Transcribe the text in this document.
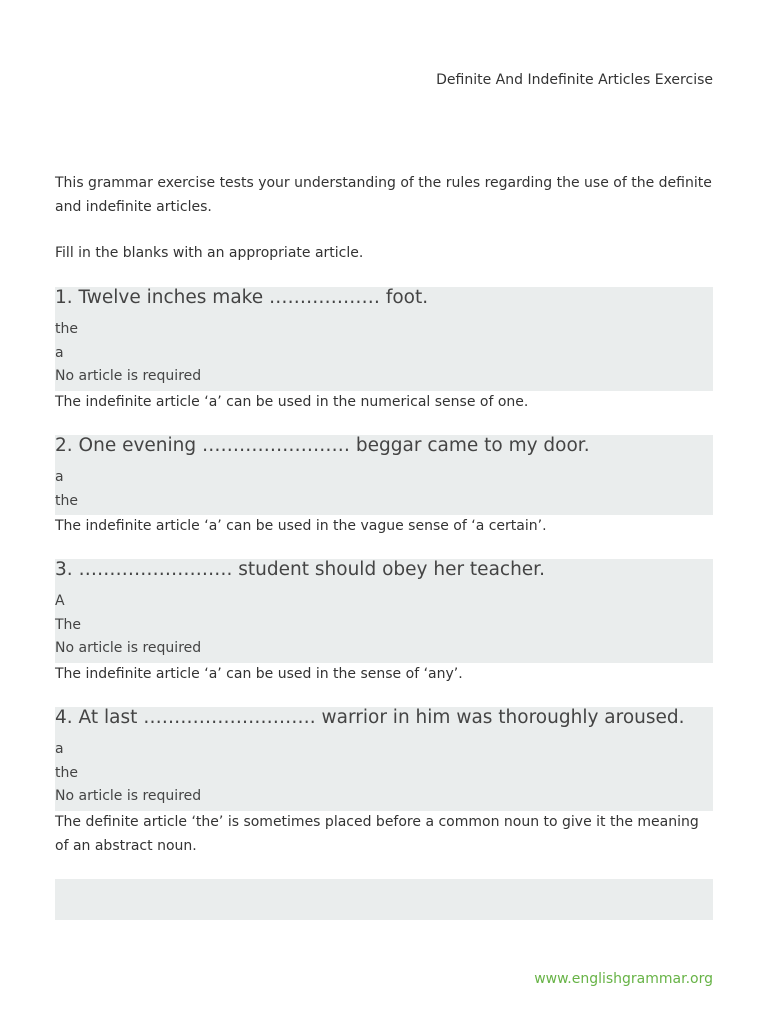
Definite And Indefinite Articles Exercise
This grammar exercise tests your understanding of the rules regarding the use of the definite and indefinite articles.
Fill in the blanks with an appropriate article.
1. Twelve inches make ……………… foot.
the
a
No article is required
The indefinite article ‘a’ can be used in the numerical sense of one.
2. One evening …………………… beggar came to my door.
a
the
The indefinite article ‘a’ can be used in the vague sense of ‘a certain’.
3. ……………………. student should obey her teacher.
A
The
No article is required
The indefinite article ‘a’ can be used in the sense of ‘any’.
4. At last ………………………. warrior in him was thoroughly aroused.
a
the
No article is required
The definite article ‘the’ is sometimes placed before a common noun to give it the meaning of an abstract noun.
www.englishgrammar.org
